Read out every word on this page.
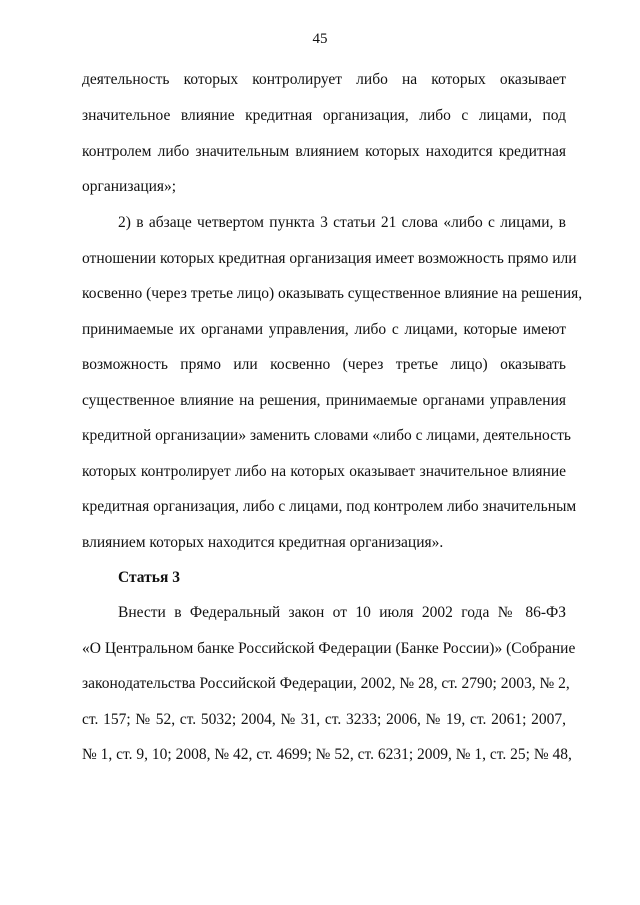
45
деятельность которых контролирует либо на которых оказывает
значительное влияние кредитная организация, либо с лицами, под
контролем либо значительным влиянием которых находится кредитная
организация»;
2) в абзаце четвертом пункта 3 статьи 21 слова «либо с лицами, в
отношении которых кредитная организация имеет возможность прямо или
косвенно (через третье лицо) оказывать существенное влияние на решения,
принимаемые их органами управления, либо с лицами, которые имеют
возможность прямо или косвенно (через третье лицо) оказывать
существенное влияние на решения, принимаемые органами управления
кредитной организации» заменить словами «либо с лицами, деятельность
которых контролирует либо на которых оказывает значительное влияние
кредитная организация, либо с лицами, под контролем либо значительным
влиянием которых находится кредитная организация».
Статья 3
Внести в Федеральный закон от 10 июля 2002 года № 86-ФЗ
«О Центральном банке Российской Федерации (Банке России)» (Собрание
законодательства Российской Федерации, 2002, № 28, ст. 2790; 2003, № 2,
ст. 157; № 52, ст. 5032; 2004, № 31, ст. 3233; 2006, № 19, ст. 2061; 2007,
№ 1, ст. 9, 10; 2008, № 42, ст. 4699; № 52, ст. 6231; 2009, № 1, ст. 25; № 48,
